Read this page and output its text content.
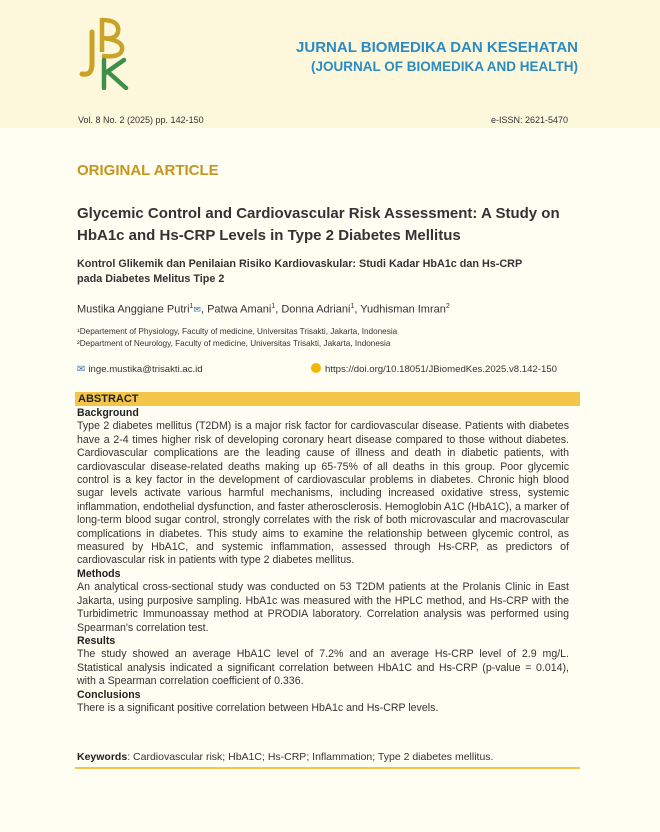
JURNAL BIOMEDIKA DAN KESEHATAN
(JOURNAL OF BIOMEDIKA AND HEALTH)
Vol. 8 No. 2 (2025) pp. 142-150	e-ISSN: 2621-5470
ORIGINAL ARTICLE
Glycemic Control and Cardiovascular Risk Assessment: A Study on
HbA1c and Hs-CRP Levels in Type 2 Diabetes Mellitus
Kontrol Glikemik dan Penilaian Risiko Kardiovaskular: Studi Kadar HbA1c dan Hs-CRP
pada Diabetes Melitus Tipe 2
Mustika Anggiane Putri$^1$✉, Patwa Amani$^1$, Donna Adriani$^1$, Yudhisman Imran$^2$
¹Departement of Physiology, Faculty of medicine, Universitas Trisakti, Jakarta, Indonesia
²Department of Neurology, Faculty of medicine, Universitas Trisakti, Jakarta, Indonesia
✉ inge.mustika@trisakti.ac.id	https://doi.org/10.18051/JBiomedKes.2025.v8.142-150
ABSTRACT
Background

Type 2 diabetes mellitus (T2DM) is a major risk factor for cardiovascular disease. Patients with diabetes have a 2-4 times higher risk of developing coronary heart disease compared to those without diabetes. Cardiovascular complications are the leading cause of illness and death in diabetic patients, with cardiovascular disease-related deaths making up 65-75% of all deaths in this group. Poor glycemic control is a key factor in the development of cardiovascular problems in diabetes. Chronic high blood sugar levels activate various harmful mechanisms, including increased oxidative stress, systemic inflammation, endothelial dysfunction, and faster atherosclerosis. Hemoglobin A1C (HbA1C), a marker of long-term blood sugar control, strongly correlates with the risk of both microvascular and macrovascular complications in diabetes. This study aims to examine the relationship between glycemic control, as measured by HbA1C, and systemic inflammation, assessed through Hs-CRP, as predictors of cardiovascular risk in patients with type 2 diabetes mellitus.

Methods

An analytical cross-sectional study was conducted on 53 T2DM patients at the Prolanis Clinic in East Jakarta, using purposive sampling. HbA1c was measured with the HPLC method, and Hs-CRP with the Turbidimetric Immunoassay method at PRODIA laboratory. Correlation analysis was performed using Spearman's correlation test.

Results

The study showed an average HbA1C level of 7.2% and an average Hs-CRP level of 2.9 mg/L. Statistical analysis indicated a significant correlation between HbA1C and Hs-CRP (p-value = 0.014), with a Spearman correlation coefficient of 0.336.

Conclusions

There is a significant positive correlation between HbA1c and Hs-CRP levels.

Keywords: Cardiovascular risk; HbA1C; Hs-CRP; Inflammation; Type 2 diabetes mellitus.
